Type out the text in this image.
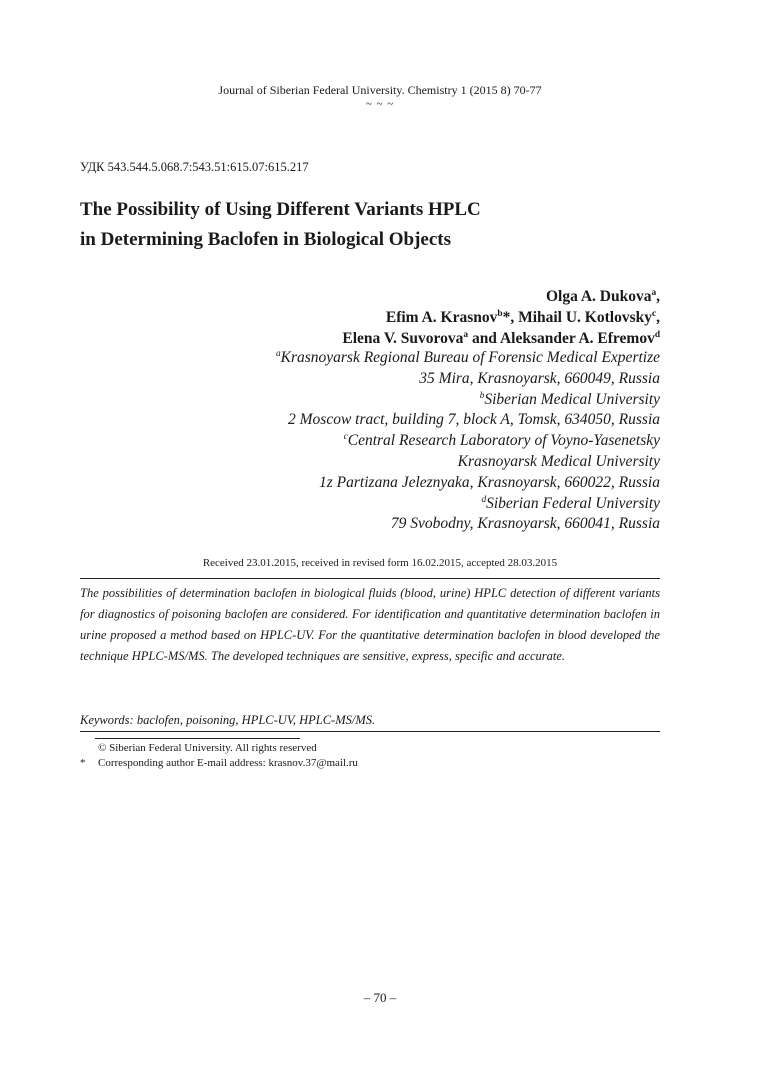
Journal of Siberian Federal University. Chemistry 1 (2015 8) 70-77
~ ~ ~
УДК 543.544.5.068.7:543.51:615.07:615.217
The Possibility of Using Different Variants HPLC
in Determining Baclofen in Biological Objects
Olga A. Dukova$^a$,
Efim A. Krasnov$^b$*, Mihail U. Kotlovsky$^c$,
Elena V. Suvorova$^a$ and Aleksander A. Efremov$^d$
$^a$Krasnoyarsk Regional Bureau of Forensic Medical Expertize
35 Mira, Krasnoyarsk, 660049, Russia
$^b$Siberian Medical University
2 Moscow tract, building 7, block A, Tomsk, 634050, Russia
$^c$Central Research Laboratory of Voyno-Yasenetsky
Krasnoyarsk Medical University
1z Partizana Jeleznyaka, Krasnoyarsk, 660022, Russia
$^d$Siberian Federal University
79 Svobodny, Krasnoyarsk, 660041, Russia
Received 23.01.2015, received in revised form 16.02.2015, accepted 28.03.2015
The possibilities of determination baclofen in biological fluids (blood, urine) HPLC detection of different variants for diagnostics of poisoning baclofen are considered. For identification and quantitative determination baclofen in urine proposed a method based on HPLC-UV. For the quantitative determination baclofen in blood developed the technique HPLC-MS/MS. The developed techniques are sensitive, express, specific and accurate.
Keywords: baclofen, poisoning, HPLC-UV, HPLC-MS/MS.
© Siberian Federal University. All rights reserved
* Corresponding author E-mail address: krasnov.37@mail.ru
– 70 –
